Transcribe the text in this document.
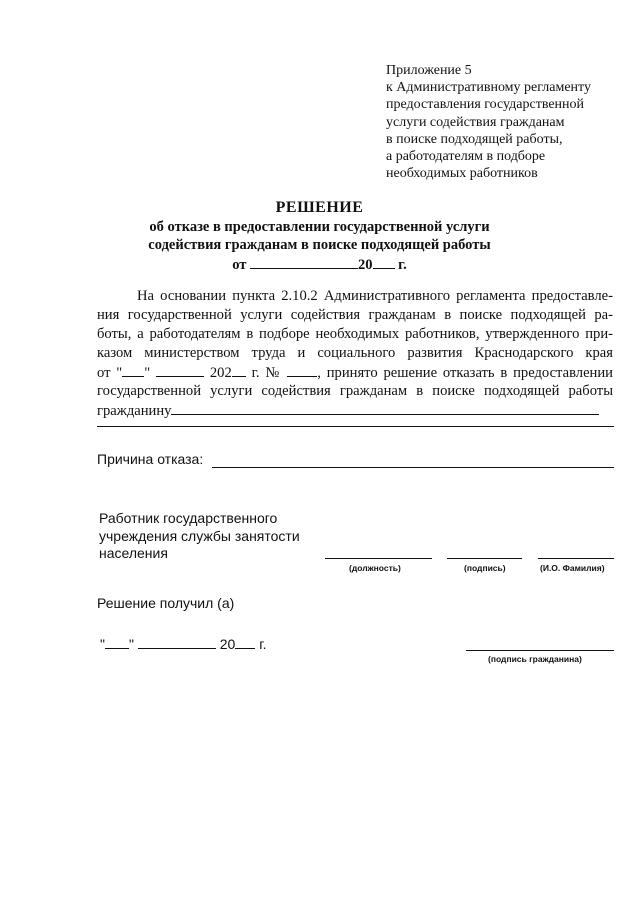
Приложение 5
к Административному регламенту
предоставления государственной
услуги содействия гражданам
в поиске подходящей работы,
а работодателям в подборе
необходимых работников
РЕШЕНИЕ
об отказе в предоставлении государственной услуги
содействия гражданам в поиске подходящей работы
от	20 г.
На основании пункта 2.10.2 Административного регламента предоставле-
ния государственной услуги содействия гражданам в поиске подходящей ра-
боты, а работодателям в подборе необходимых работников, утвержденного при-
казом министерством труда и социального развития Краснодарского края
от " "	202 г. № , принято решение отказать в предоставлении
государственной услуги содействия гражданам в поиске подходящей работы
гражданину
Причина отказа:
Работник государственного
учреждения службы занятости
населения
(должность)	(подпись)	(И.О. Фамилия)
Решение получил (а)
" "	20 г.
(подпись гражданина)
